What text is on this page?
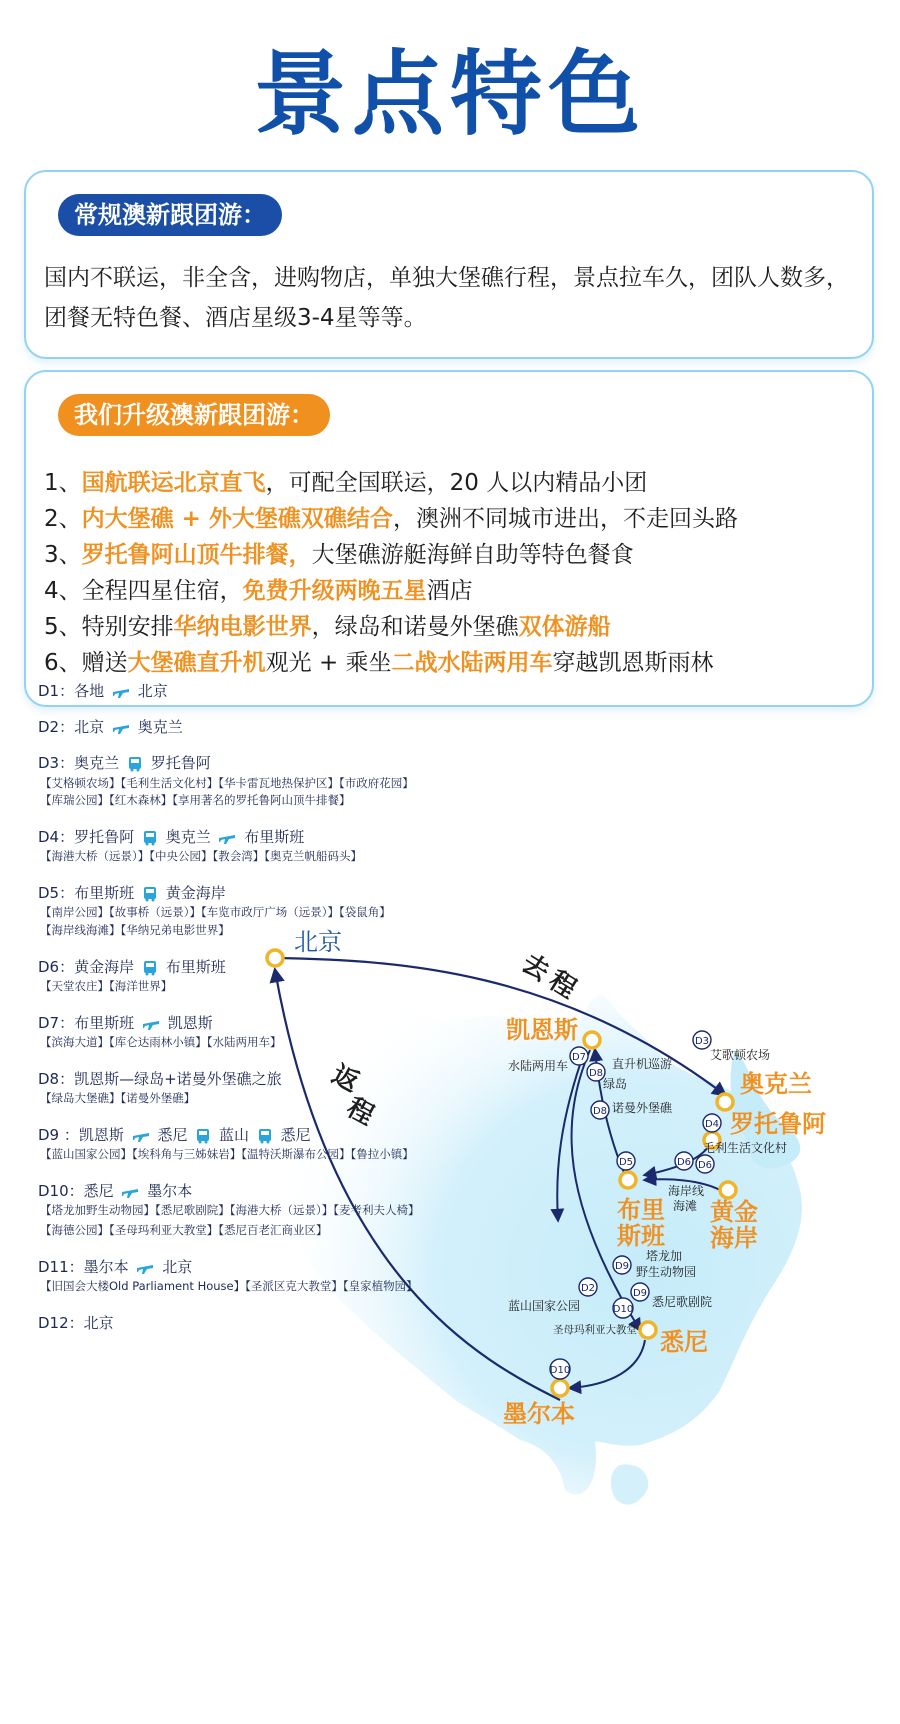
景点特色
常规澳新跟团游：
国内不联运，非全含，进购物店，单独大堡礁行程，景点拉车久，团队人数多，团餐无特色餐、酒店星级3-4星等等。
我们升级澳新跟团游：
1、国航联运北京直飞，可配全国联运，20 人以内精品小团
2、内大堡礁 + 外大堡礁双礁结合，澳洲不同城市进出，不走回头路
3、罗托鲁阿山顶牛排餐，大堡礁游艇海鲜自助等特色餐食
4、全程四星住宿，免费升级两晚五星酒店
5、特别安排华纳电影世界，绿岛和诺曼外堡礁双体游船
6、赠送大堡礁直升机观光 + 乘坐二战水陆两用车穿越凯恩斯雨林
去程
返
程
北京
凯恩斯
奥克兰
罗托鲁阿
布里
斯班
黄金
海岸
悉尼
墨尔本
水陆两用车	直升机巡游
绿岛
诺曼外堡礁
艾歌顿农场
毛利生活文化村
海岸线
海滩
塔龙加
野生动物园
悉尼歌剧院
蓝山国家公园
圣母玛利亚大教堂
D7
D8
D8
D3
D4
D5	D6 D6
D9
D9
D2
D10
D10
D1：各地 北京
D2：北京 奥克兰
D3：奥克兰 罗托鲁阿
【艾格顿农场】【毛利生活文化村】【华卡雷瓦地热保护区】【市政府花园】
【库瑞公园】【红木森林】【享用著名的罗托鲁阿山顶牛排餐】
D4：罗托鲁阿 奥克兰 布里斯班
【海港大桥（远景）】【中央公园】【教会湾】【奥克兰帆船码头】
D5：布里斯班 黄金海岸
【南岸公园】【故事桥（远景）】【车览市政厅广场（远景）】【袋鼠角】
【海岸线海滩】【华纳兄弟电影世界】
D6：黄金海岸 布里斯班
【天堂农庄】【海洋世界】
D7：布里斯班 凯恩斯
【滨海大道】【库仑达雨林小镇】【水陆两用车】
D8：凯恩斯—绿岛+诺曼外堡礁之旅
【绿岛大堡礁】【诺曼外堡礁】
D9 ：凯恩斯 悉尼 蓝山 悉尼
【蓝山国家公园】【埃科角与三姊妹岩】【温特沃斯瀑布公园】【鲁拉小镇】
D10：悉尼 墨尔本
【塔龙加野生动物园】【悉尼歌剧院】【海港大桥（远景）】【麦考利夫人椅】
【海德公园】【圣母玛利亚大教堂】【悉尼百老汇商业区】
D11：墨尔本 北京
【旧国会大楼Old Parliament House】【圣派区克大教堂】【皇家植物园】
D12：北京
